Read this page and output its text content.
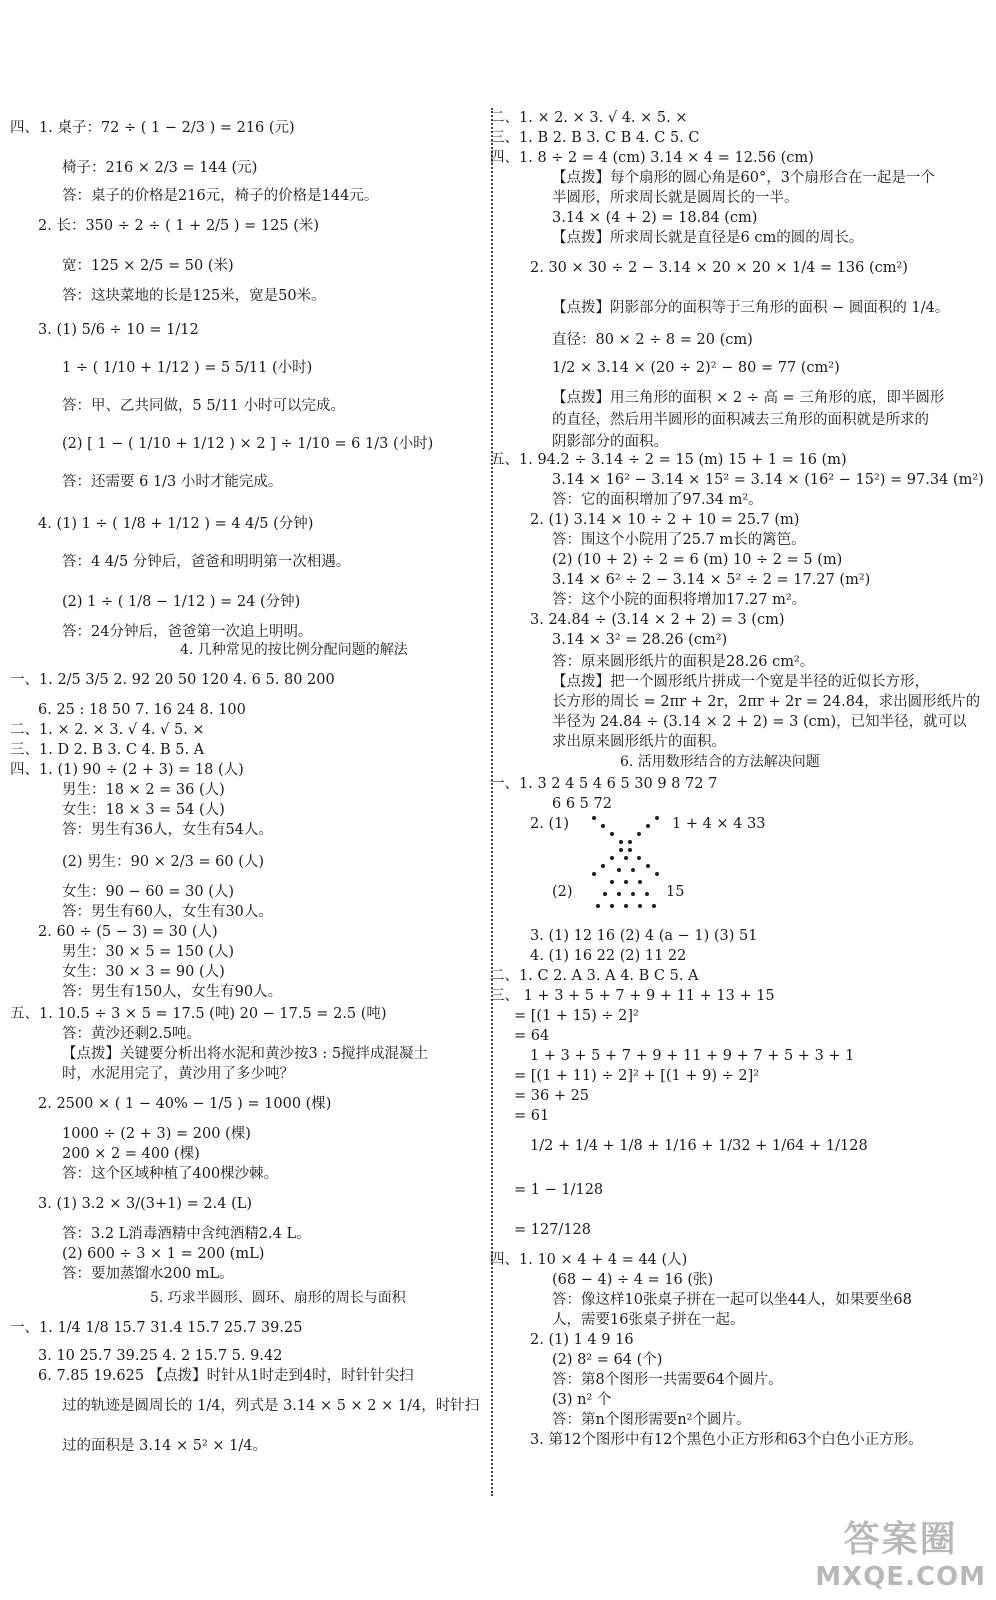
四、1. 桌子：72 ÷ ( 1 − 2/3 ) = 216 (元)
椅子：216 × 2/3 = 144 (元)
答：桌子的价格是216元，椅子的价格是144元。
2. 长：350 ÷ 2 ÷ ( 1 + 2/5 ) = 125 (米)
宽：125 × 2/5 = 50 (米)
答：这块菜地的长是125米，宽是50米。
3. (1) 5/6 ÷ 10 = 1/12
1 ÷ ( 1/10 + 1/12 ) = 5 5/11 (小时)
答：甲、乙共同做，5 5/11 小时可以完成。
(2) [ 1 − ( 1/10 + 1/12 ) × 2 ] ÷ 1/10 = 6 1/3 (小时)
答：还需要 6 1/3 小时才能完成。
4. (1) 1 ÷ ( 1/8 + 1/12 ) = 4 4/5 (分钟)
答：4 4/5 分钟后，爸爸和明明第一次相遇。
(2) 1 ÷ ( 1/8 − 1/12 ) = 24 (分钟)
答：24分钟后，爸爸第一次追上明明。
一、1. 2/5 3/5 2. 92 20 50 120 4. 6 5. 80 200
6. 25 : 18 50 7. 16 24 8. 100
二、1. × 2. × 3. √ 4. √ 5. ×
三、1. D 2. B 3. C 4. B 5. A
四、1. (1) 90 ÷ (2 + 3) = 18 (人)
男生：18 × 2 = 36 (人)
女生：18 × 3 = 54 (人)
答：男生有36人，女生有54人。
(2) 男生：90 × 2/3 = 60 (人)
女生：90 − 60 = 30 (人)
答：男生有60人，女生有30人。
2. 60 ÷ (5 − 3) = 30 (人)
男生：30 × 5 = 150 (人)
女生：30 × 3 = 90 (人)
答：男生有150人，女生有90人。
五、1. 10.5 ÷ 3 × 5 = 17.5 (吨) 20 − 17.5 = 2.5 (吨)
答：黄沙还剩2.5吨。
【点拨】关键要分析出将水泥和黄沙按3 : 5搅拌成混凝土
时，水泥用完了，黄沙用了多少吨？
2. 2500 × ( 1 − 40% − 1/5 ) = 1000 (棵)
1000 ÷ (2 + 3) = 200 (棵)
200 × 2 = 400 (棵)
答：这个区域种植了400棵沙棘。
3. (1) 3.2 × 3/(3+1) = 2.4 (L)
答：3.2 L消毒酒精中含纯酒精2.4 L。
(2) 600 ÷ 3 × 1 = 200 (mL)
答：要加蒸馏水200 mL。
一、1. 1/4 1/8 15.7 31.4 15.7 25.7 39.25
3. 10 25.7 39.25 4. 2 15.7 5. 9.42
6. 7.85 19.625 【点拨】时针从1时走到4时，时针针尖扫
过的轨迹是圆周长的 1/4，列式是 3.14 × 5 × 2 × 1/4，时针扫
过的面积是 3.14 × 5² × 1/4。
二、1. × 2. × 3. √ 4. × 5. ×
三、1. B 2. B 3. C B 4. C 5. C
四、1. 8 ÷ 2 = 4 (cm) 3.14 × 4 = 12.56 (cm)
【点拨】每个扇形的圆心角是60°，3个扇形合在一起是一个
半圆形，所求周长就是圆周长的一半。
3.14 × (4 + 2) = 18.84 (cm)
【点拨】所求周长就是直径是6 cm的圆的周长。
2. 30 × 30 ÷ 2 − 3.14 × 20 × 20 × 1/4 = 136 (cm²)
【点拨】阴影部分的面积等于三角形的面积 − 圆面积的 1/4。
直径：80 × 2 ÷ 8 = 20 (cm)
1/2 × 3.14 × (20 ÷ 2)² − 80 = 77 (cm²)
【点拨】用三角形的面积 × 2 ÷ 高 = 三角形的底，即半圆形
的直径，然后用半圆形的面积减去三角形的面积就是所求的
阴影部分的面积。
五、1. 94.2 ÷ 3.14 ÷ 2 = 15 (m) 15 + 1 = 16 (m)
3.14 × 16² − 3.14 × 15² = 3.14 × (16² − 15²) = 97.34 (m²)
答：它的面积增加了97.34 m²。
2. (1) 3.14 × 10 ÷ 2 + 10 = 25.7 (m)
答：围这个小院用了25.7 m长的篱笆。
(2) (10 + 2) ÷ 2 = 6 (m) 10 ÷ 2 = 5 (m)
3.14 × 6² ÷ 2 − 3.14 × 5² ÷ 2 = 17.27 (m²)
答：这个小院的面积将增加17.27 m²。
3. 24.84 ÷ (3.14 × 2 + 2) = 3 (cm)
3.14 × 3² = 28.26 (cm²)
答：原来圆形纸片的面积是28.26 cm²。
【点拨】把一个圆形纸片拼成一个宽是半径的近似长方形，
长方形的周长 = 2πr + 2r，2πr + 2r = 24.84，求出圆形纸片的
半径为 24.84 ÷ (3.14 × 2 + 2) = 3 (cm)，已知半径，就可以
求出原来圆形纸片的面积。
一、1. 3 2 4 5 4 6 5 30 9 8 72 7
6 6 5 72
2. (1)	1 + 4 × 4 33
(2)	15
3. (1) 12 16 (2) 4 (a − 1) (3) 51
4. (1) 16 22 (2) 11 22
二、1. C 2. A 3. A 4. B C 5. A
三、 1 + 3 + 5 + 7 + 9 + 11 + 13 + 15
= [(1 + 15) ÷ 2]²
= 64
1 + 3 + 5 + 7 + 9 + 11 + 9 + 7 + 5 + 3 + 1
= [(1 + 11) ÷ 2]² + [(1 + 9) ÷ 2]²
= 36 + 25
= 61
1/2 + 1/4 + 1/8 + 1/16 + 1/32 + 1/64 + 1/128
= 1 − 1/128
= 127/128
四、1. 10 × 4 + 4 = 44 (人)
(68 − 4) ÷ 4 = 16 (张)
答：像这样10张桌子拼在一起可以坐44人，如果要坐68
人，需要16张桌子拼在一起。
2. (1) 1 4 9 16
(2) 8² = 64 (个)
答：第8个图形一共需要64个圆片。
(3) n² 个
答：第n个图形需要n²个圆片。
3. 第12个图形中有12个黑色小正方形和63个白色小正方形。
4. 几种常见的按比例分配问题的解法
5. 巧求半圆形、圆环、扇形的周长与面积
6. 活用数形结合的方法解决问题
答案圈
MXQE.COM
